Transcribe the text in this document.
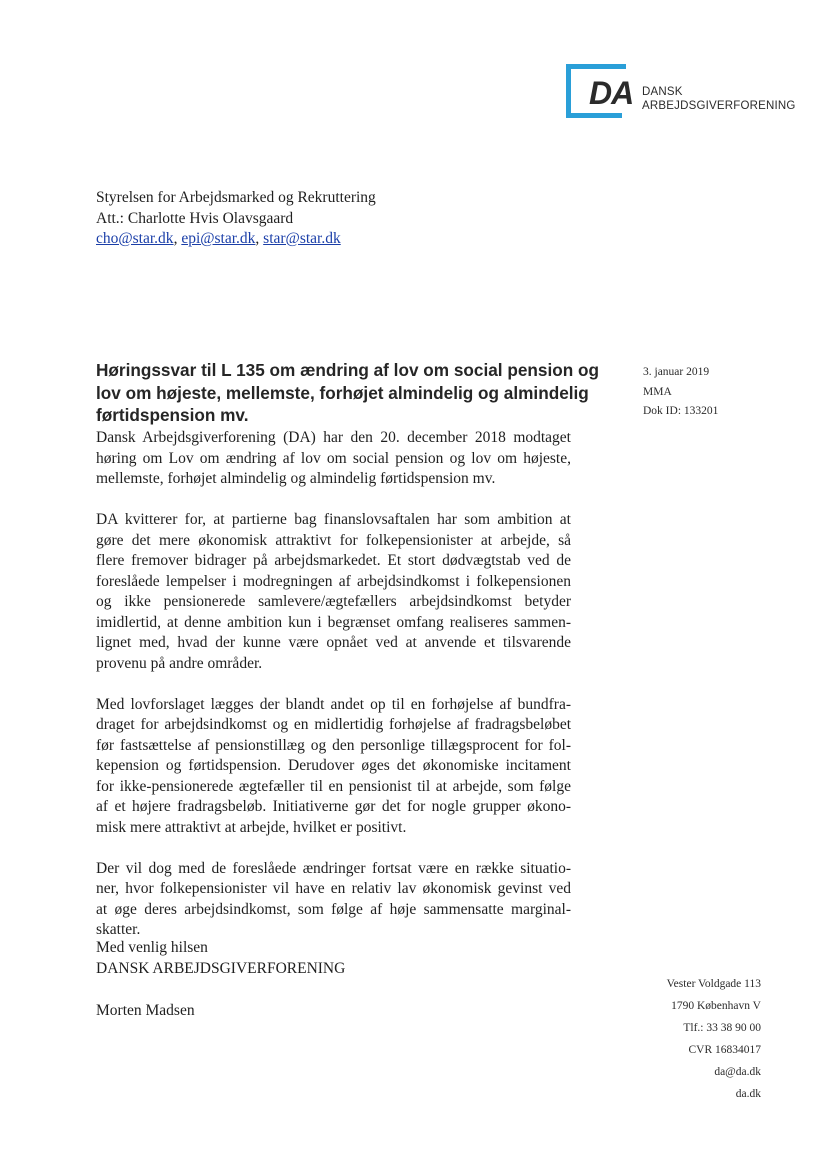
DA DANSK
ARBEJDSGIVERFORENING
Styrelsen for Arbejdsmarked og Rekruttering
Att.: Charlotte Hvis Olavsgaard
cho@star.dk, epi@star.dk, star@star.dk
3. januar 2019
MMA
Dok ID: 133201
Høringssvar til L 135 om ændring af lov om social pension og
lov om højeste, mellemste, forhøjet almindelig og almindelig
førtidspension mv.

Dansk Arbejdsgiverforening (DA) har den 20. december 2018 modtaget
høring om Lov om ændring af lov om social pension og lov om højeste,
mellemste, forhøjet almindelig og almindelig førtidspension mv.

DA kvitterer for, at partierne bag finanslovsaftalen har som ambition at
gøre det mere økonomisk attraktivt for folkepensionister at arbejde, så
flere fremover bidrager på arbejdsmarkedet. Et stort dødvægtstab ved de
foreslåede lempelser i modregningen af arbejdsindkomst i folkepensionen
og ikke pensionerede samlevere/ægtefællers arbejdsindkomst betyder
imidlertid, at denne ambition kun i begrænset omfang realiseres sammen-
lignet med, hvad der kunne være opnået ved at anvende et tilsvarende
provenu på andre områder.

Med lovforslaget lægges der blandt andet op til en forhøjelse af bundfra-
draget for arbejdsindkomst og en midlertidig forhøjelse af fradragsbeløbet
før fastsættelse af pensionstillæg og den personlige tillægsprocent for fol-
kepension og førtidspension. Derudover øges det økonomiske incitament
for ikke-pensionerede ægtefæller til en pensionist til at arbejde, som følge
af et højere fradragsbeløb. Initiativerne gør det for nogle grupper økono-
misk mere attraktivt at arbejde, hvilket er positivt.

Der vil dog med de foreslåede ændringer fortsat være en række situatio-
ner, hvor folkepensionister vil have en relativ lav økonomisk gevinst ved
at øge deres arbejdsindkomst, som følge af høje sammensatte marginal-
skatter.

Med venlig hilsen
DANSK ARBEJDSGIVERFORENING
Morten Madsen
Vester Voldgade 113
1790 København V
Tlf.: 33 38 90 00
CVR 16834017
da@da.dk
da.dk
